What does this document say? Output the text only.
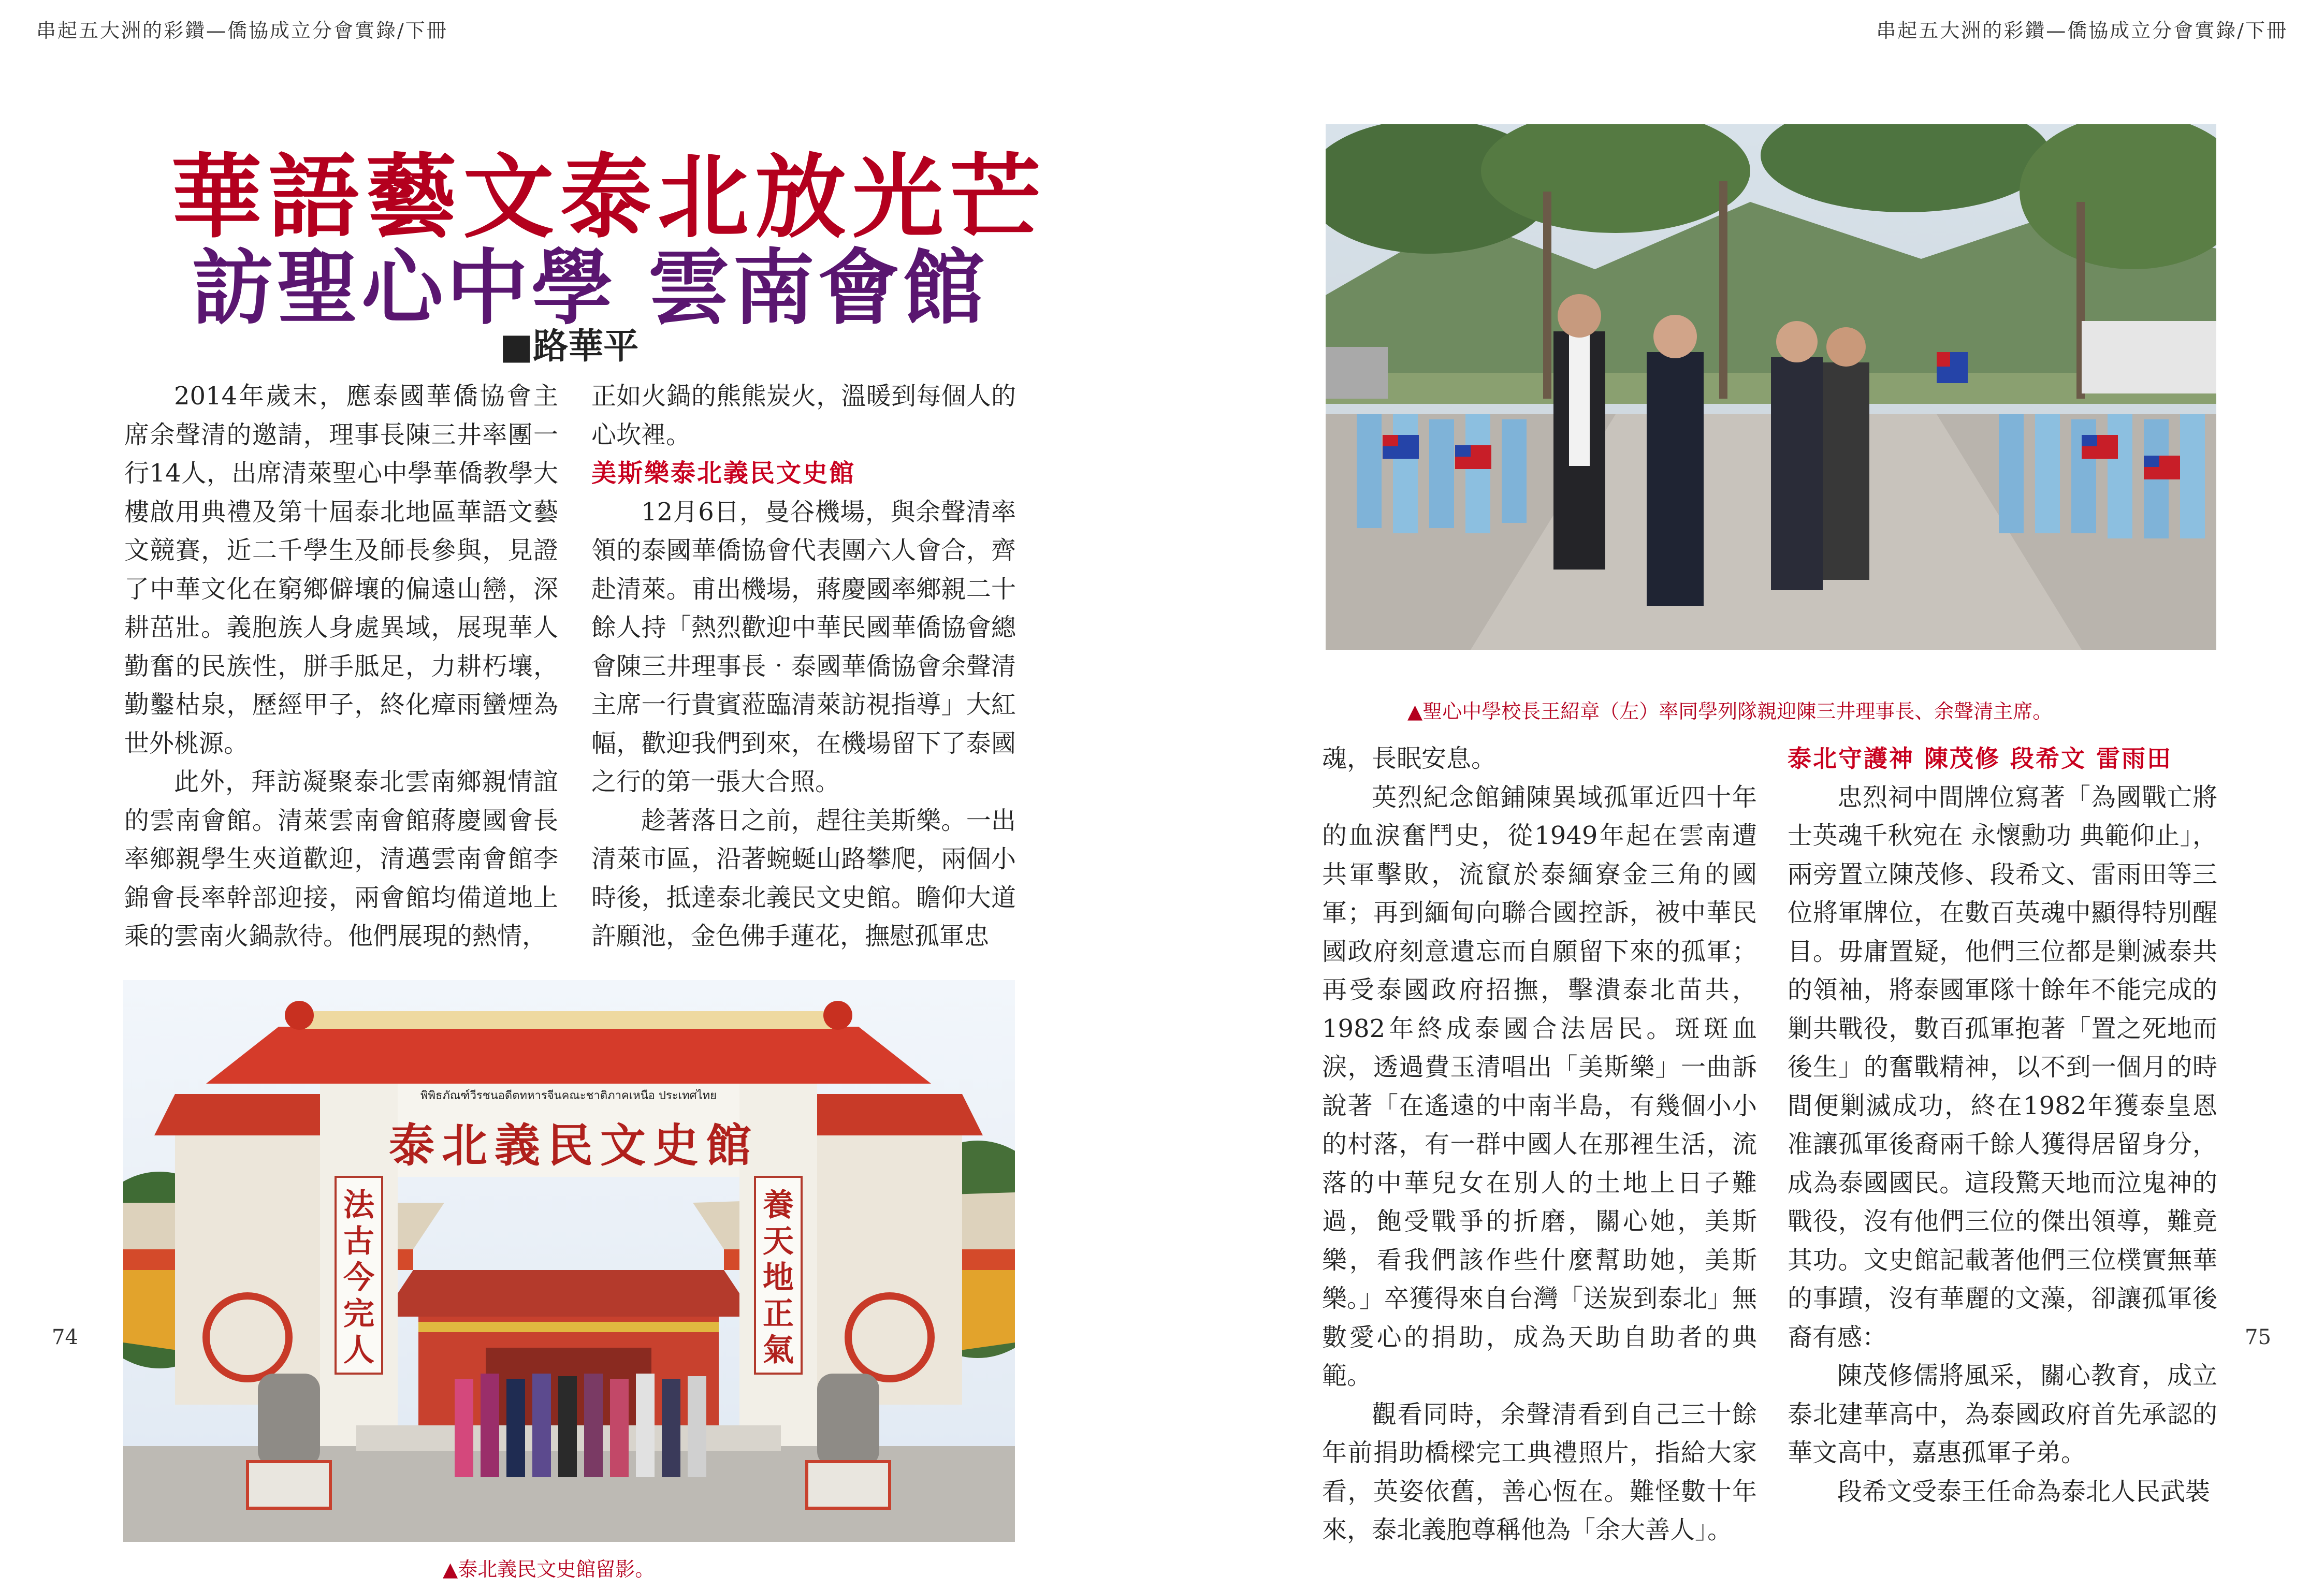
串起五大洲的彩鑽—僑協成立分會實錄/下冊	串起五大洲的彩鑽—僑協成立分會實錄/下冊
華語藝文泰北放光芒
訪聖心中學 雲南會館
■路華平

2014年歲末，應泰國華僑協會主席余聲清的邀請，理事長陳三井率團一行14人，出席清萊聖心中學華僑教學大樓啟用典禮及第十屆泰北地區華語文藝文競賽，近二千學生及師長參與，見證了中華文化在窮鄉僻壤的偏遠山巒，深耕茁壯。義胞族人身處異域，展現華人勤奮的民族性，胼手胝足，力耕朽壤，勤鑿枯泉，歷經甲子，終化瘴雨蠻煙為世外桃源。

此外，拜訪凝聚泰北雲南鄉親情誼的雲南會館。清萊雲南會館蔣慶國會長率鄉親學生夾道歡迎，清邁雲南會館李錦會長率幹部迎接，兩會館均備道地上乘的雲南火鍋款待。他們展現的熱情，

正如火鍋的熊熊炭火，溫暖到每個人的心坎裡。

美斯樂泰北義民文史館

12月6日，曼谷機場，與余聲清率領的泰國華僑協會代表團六人會合，齊赴清萊。甫出機場，蔣慶國率鄉親二十餘人持「熱烈歡迎中華民國華僑協會總會陳三井理事長‧泰國華僑協會余聲清主席一行貴賓蒞臨清萊訪視指導」大紅幅，歡迎我們到來，在機場留下了泰國之行的第一張大合照。

趁著落日之前，趕往美斯樂。一出清萊市區，沿著蜿蜒山路攀爬，兩個小時後，抵達泰北義民文史館。瞻仰大道許願池，金色佛手蓮花，撫慰孤軍忠

พิพิธภัณฑ์วีรชนอดีตทหารจีนคณะชาติภาคเหนือ ประเทศไทย
泰北義民文史館
法古今完人
養天地正氣
▲泰北義民文史館留影。
▲聖心中學校長王紹章（左）率同學列隊親迎陳三井理事長、余聲清主席。

魂，長眠安息。

英烈紀念館鋪陳異域孤軍近四十年的血淚奮鬥史，從1949年起在雲南遭共軍擊敗，流竄於泰緬寮金三角的國軍；再到緬甸向聯合國控訴，被中華民國政府刻意遺忘而自願留下來的孤軍；再受泰國政府招撫，擊潰泰北苗共，1982年終成泰國合法居民。斑斑血淚，透過費玉清唱出「美斯樂」一曲訴說著「在遙遠的中南半島，有幾個小小的村落，有一群中國人在那裡生活，流落的中華兒女在別人的土地上日子難過，飽受戰爭的折磨，關心她，美斯樂，看我們該作些什麼幫助她，美斯樂。」卒獲得來自台灣「送炭到泰北」無數愛心的捐助，成為天助自助者的典範。

觀看同時，余聲清看到自己三十餘年前捐助橋樑完工典禮照片，指給大家看，英姿依舊，善心恆在。難怪數十年來，泰北義胞尊稱他為「余大善人」。

泰北守護神 陳茂修 段希文 雷雨田

忠烈祠中間牌位寫著「為國戰亡將士英魂千秋宛在 永懷勳功 典範仰止」，兩旁置立陳茂修、段希文、雷雨田等三位將軍牌位，在數百英魂中顯得特別醒目。毋庸置疑，他們三位都是剿滅泰共的領袖，將泰國軍隊十餘年不能完成的剿共戰役，數百孤軍抱著「置之死地而後生」的奮戰精神，以不到一個月的時間便剿滅成功，終在1982年獲泰皇恩准讓孤軍後裔兩千餘人獲得居留身分，成為泰國國民。這段驚天地而泣鬼神的戰役，沒有他們三位的傑出領導，難竟其功。文史館記載著他們三位樸實無華的事蹟，沒有華麗的文藻，卻讓孤軍後裔有感：

陳茂修儒將風采，關心教育，成立泰北建華高中，為泰國政府首先承認的華文高中，嘉惠孤軍子弟。

段希文受泰王任命為泰北人民武裝

74	75
